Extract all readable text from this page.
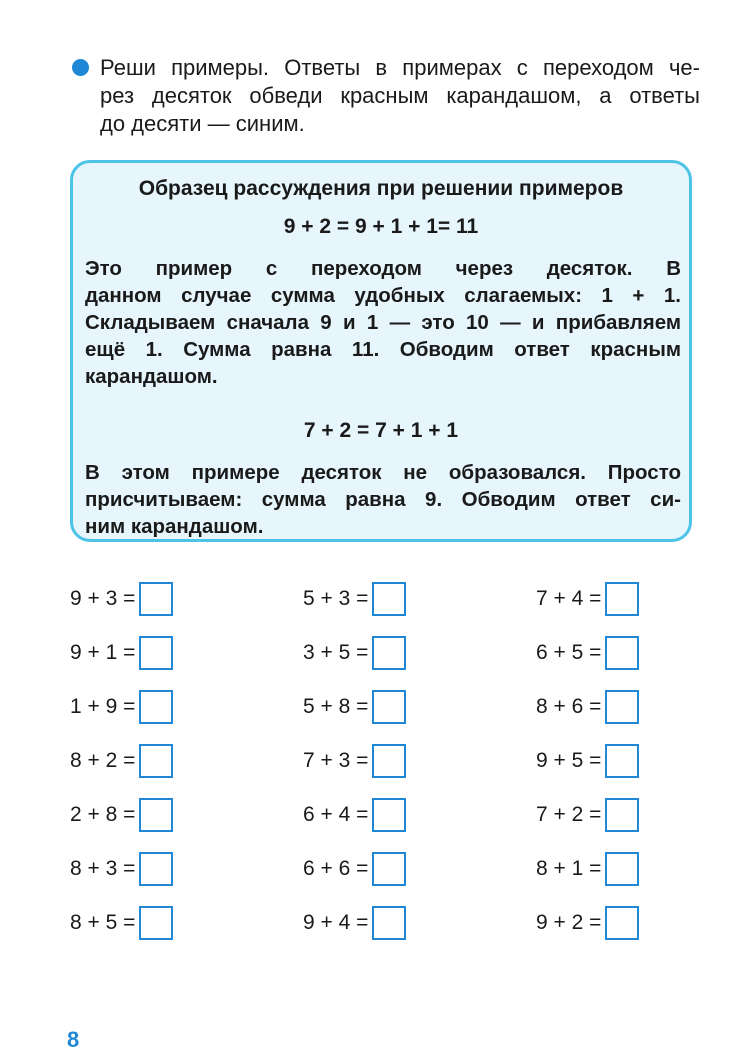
Реши примеры. Ответы в примерах с переходом че-
рез десяток обведи красным карандашом, а ответы
до десяти — синим.
Образец рассуждения при решении примеров
9 + 2 = 9 + 1 + 1= 11
Это пример с переходом через десяток. В
данном случае сумма удобных слагаемых: 1 + 1.
Складываем сначала 9 и 1 — это 10 — и прибавляем
ещё 1. Сумма равна 11. Обводим ответ красным
карандашом.
7 + 2 = 7 + 1 + 1
В этом примере десяток не образовался. Просто
присчитываем: сумма равна 9. Обводим ответ си-
ним карандашом.
9 + 3 =
9 + 1 =
1 + 9 =
8 + 2 =
2 + 8 =
8 + 3 =
8 + 5 =
5 + 3 =
3 + 5 =
5 + 8 =
7 + 3 =
6 + 4 =
6 + 6 =
9 + 4 =
7 + 4 =
6 + 5 =
8 + 6 =
9 + 5 =
7 + 2 =
8 + 1 =
9 + 2 =
8
